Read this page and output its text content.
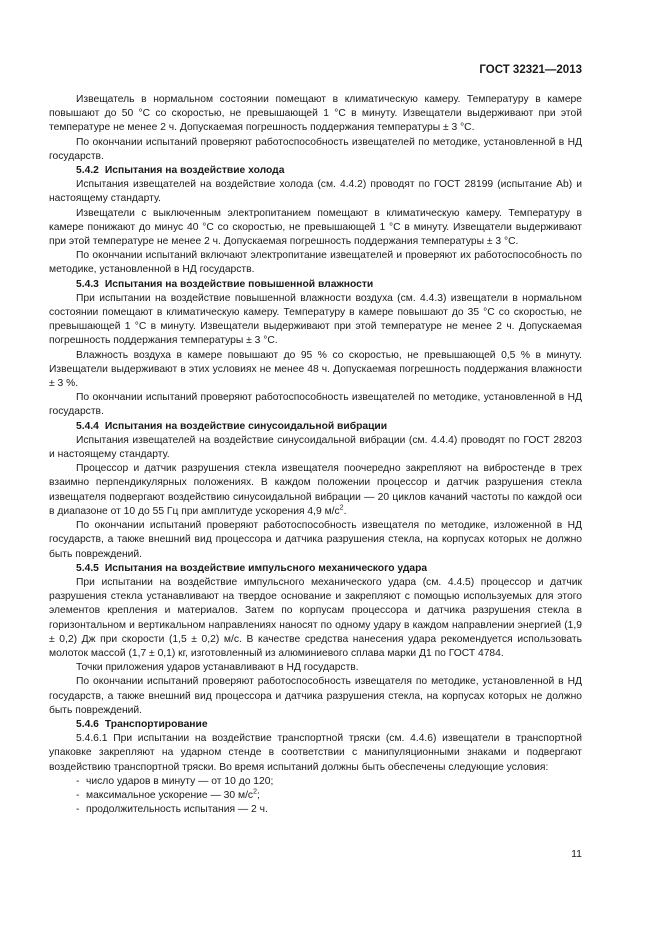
ГОСТ 32321—2013

Извещатель в нормальном состоянии помещают в климатическую камеру. Температуру в камере повышают до 50 °С со скоростью, не превышающей 1 °С в минуту. Извещатели выдерживают при этой температуре не менее 2 ч. Допускаемая погрешность поддержания температуры ± 3 °С.

По окончании испытаний проверяют работоспособность извещателей по методике, установленной в НД государств.

5.4.2 Испытания на воздействие холода

Испытания извещателей на воздействие холода (см. 4.4.2) проводят по ГОСТ 28199 (испытание Ab) и настоящему стандарту.

Извещатели с выключенным электропитанием помещают в климатическую камеру. Температуру в камере понижают до минус 40 °С со скоростью, не превышающей 1 °С в минуту. Извещатели выдерживают при этой температуре не менее 2 ч. Допускаемая погрешность поддержания температуры ± 3 °С.

По окончании испытаний включают электропитание извещателей и проверяют их работоспособность по методике, установленной в НД государств.

5.4.3 Испытания на воздействие повышенной влажности

При испытании на воздействие повышенной влажности воздуха (см. 4.4.3) извещатели в нормальном состоянии помещают в климатическую камеру. Температуру в камере повышают до 35 °С со скоростью, не превышающей 1 °С в минуту. Извещатели выдерживают при этой температуре не менее 2 ч. Допускаемая погрешность поддержания температуры ± 3 °С.

Влажность воздуха в камере повышают до 95 % со скоростью, не превышающей 0,5 % в минуту. Извещатели выдерживают в этих условиях не менее 48 ч. Допускаемая погрешность поддержания влажности ± 3 %.

По окончании испытаний проверяют работоспособность извещателей по методике, установленной в НД государств.

5.4.4 Испытания на воздействие синусоидальной вибрации

Испытания извещателей на воздействие синусоидальной вибрации (см. 4.4.4) проводят по ГОСТ 28203 и настоящему стандарту.

Процессор и датчик разрушения стекла извещателя поочередно закрепляют на вибростенде в трех взаимно перпендикулярных положениях. В каждом положении процессор и датчик разрушения стекла извещателя подвергают воздействию синусоидальной вибрации — 20 циклов качаний частоты по каждой оси в диапазоне от 10 до 55 Гц при амплитуде ускорения 4,9 $м/с^2$.

По окончании испытаний проверяют работоспособность извещателя по методике, изложенной в НД государств, а также внешний вид процессора и датчика разрушения стекла, на корпусах которых не должно быть повреждений.

5.4.5 Испытания на воздействие импульсного механического удара

При испытании на воздействие импульсного механического удара (см. 4.4.5) процессор и датчик разрушения стекла устанавливают на твердое основание и закрепляют с помощью используемых для этого элементов крепления и материалов. Затем по корпусам процессора и датчика разрушения стекла в горизонтальном и вертикальном направлениях наносят по одному удару в каждом направлении энергией (1,9 ± 0,2) Дж при скорости (1,5 ± 0,2) м/с. В качестве средства нанесения удара рекомендуется использовать молоток массой (1,7 ± 0,1) кг, изготовленный из алюминиевого сплава марки Д1 по ГОСТ 4784.

Точки приложения ударов устанавливают в НД государств.

По окончании испытаний проверяют работоспособность извещателя по методике, установленной в НД государств, а также внешний вид процессора и датчика разрушения стекла, на корпусах которых не должно быть повреждений.

5.4.6 Транспортирование

5.4.6.1 При испытании на воздействие транспортной тряски (см. 4.4.6) извещатели в транспортной упаковке закрепляют на ударном стенде в соответствии с манипуляционными знаками и подвергают воздействию транспортной тряски. Во время испытаний должны быть обеспечены следующие условия:

- число ударов в минуту — от 10 до 120;

- максимальное ускорение — 30 $м/с^2$;

- продолжительность испытания — 2 ч.

11
